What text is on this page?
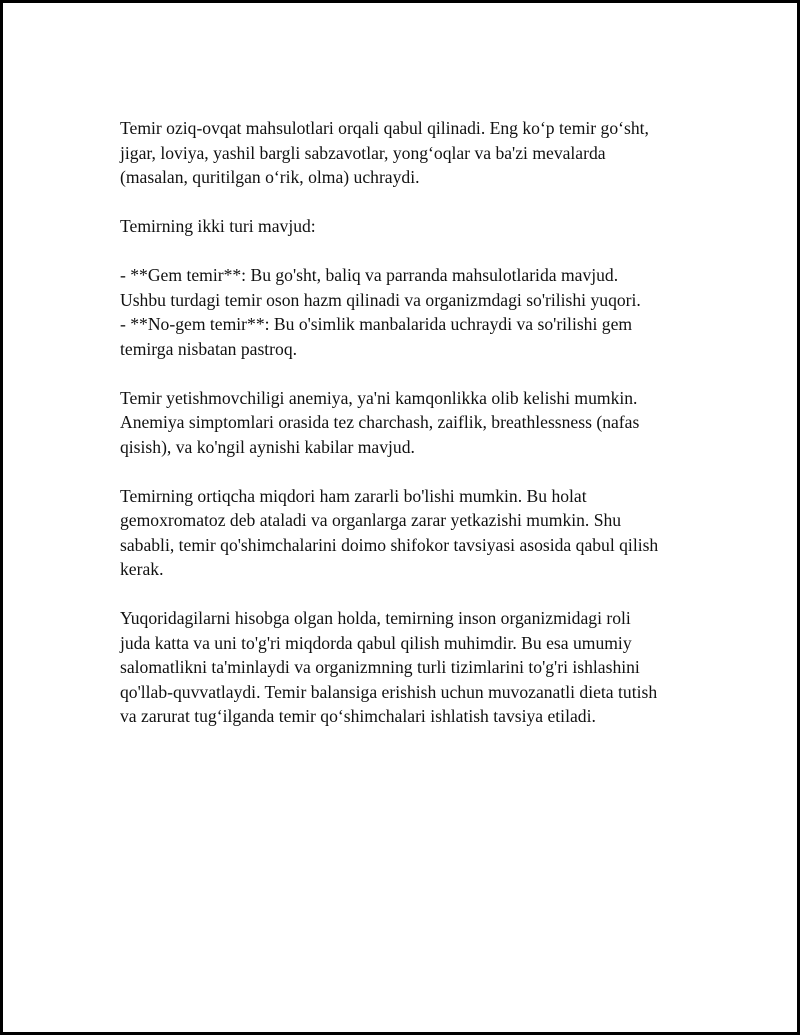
Temir oziq-ovqat mahsulotlari orqali qabul qilinadi. Eng ko‘p temir go‘sht,
jigar, loviya, yashil bargli sabzavotlar, yong‘oqlar va ba'zi mevalarda
(masalan, quritilgan o‘rik, olma) uchraydi.

Temirning ikki turi mavjud:

- **Gem temir**: Bu go'sht, baliq va parranda mahsulotlarida mavjud.
Ushbu turdagi temir oson hazm qilinadi va organizmdagi so'rilishi yuqori.
- **No-gem temir**: Bu o'simlik manbalarida uchraydi va so'rilishi gem
temirga nisbatan pastroq.

Temir yetishmovchiligi anemiya, ya'ni kamqonlikka olib kelishi mumkin.
Anemiya simptomlari orasida tez charchash, zaiflik, breathlessness (nafas
qisish), va ko'ngil aynishi kabilar mavjud.

Temirning ortiqcha miqdori ham zararli bo'lishi mumkin. Bu holat
gemoxromatoz deb ataladi va organlarga zarar yetkazishi mumkin. Shu
sababli, temir qo'shimchalarini doimo shifokor tavsiyasi asosida qabul qilish
kerak.

Yuqoridagilarni hisobga olgan holda, temirning inson organizmidagi roli
juda katta va uni to'g'ri miqdorda qabul qilish muhimdir. Bu esa umumiy
salomatlikni ta'minlaydi va organizmning turli tizimlarini to'g'ri ishlashini
qo'llab-quvvatlaydi. Temir balansiga erishish uchun muvozanatli dieta tutish
va zarurat tug‘ilganda temir qo‘shimchalari ishlatish tavsiya etiladi.
